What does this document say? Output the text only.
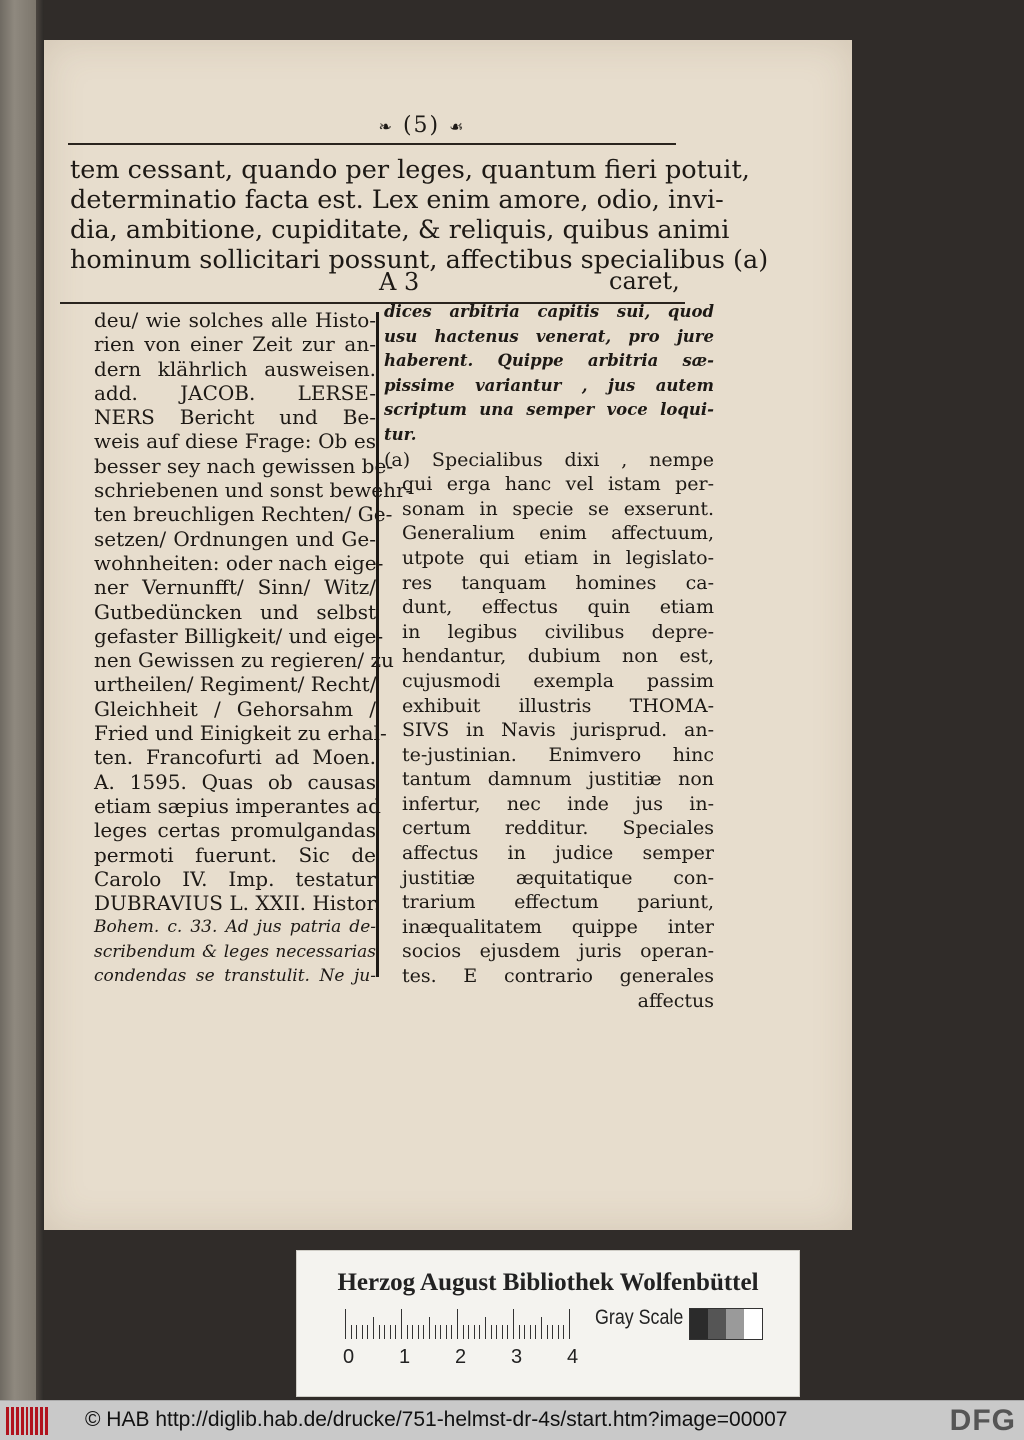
❧ (5) ☙
tem cessant, quando per leges, quantum fieri potuit,
determinatio facta est. Lex enim amore, odio, invi-
dia, ambitione, cupiditate, & reliquis, quibus animi
hominum sollicitari possunt, affectibus specialibus (a)
A 3	caret,
deu/ wie solches alle Histo-
rien von einer Zeit zur an-
dern klährlich ausweisen.
add. JACOB. LERSE-
NERS Bericht und Be-
weis auf diese Frage: Ob es
besser sey nach gewissen be-
schriebenen und sonst bewehr-
ten breuchligen Rechten/ Ge-
setzen/ Ordnungen und Ge-
wohnheiten: oder nach eige-
ner Vernunfft/ Sinn/ Witz/
Gutbedüncken und selbst
gefaster Billigkeit/ und eige-
nen Gewissen zu regieren/ zu
urtheilen/ Regiment/ Recht/
Gleichheit / Gehorsahm /
Fried und Einigkeit zu erhal-
ten. Francofurti ad Moen.
A. 1595. Quas ob causas
etiam sæpius imperantes ad
leges certas promulgandas
permoti fuerunt. Sic de
Carolo IV. Imp. testatur
DUBRAVIUS L. XXII. Histor.
Bohem. c. 33. Ad jus patria de-
scribendum & leges necessarias
condendas se transtulit. Ne ju-
dices arbitria capitis sui, quod
usu hactenus venerat, pro jure
haberent. Quippe arbitria sæ-
pissime variantur , jus autem
scriptum una semper voce loqui-
tur.
(a) Specialibus dixi , nempe
qui erga hanc vel istam per-
sonam in specie se exserunt.
Generalium enim affectuum,
utpote qui etiam in legislato-
res tanquam homines ca-
dunt, effectus quin etiam
in legibus civilibus depre-
hendantur, dubium non est,
cujusmodi exempla passim
exhibuit illustris THOMA-
SIVS in Navis jurisprud. an-
te-justinian. Enimvero hinc
tantum damnum justitiæ non
infertur, nec inde jus in-
certum redditur. Speciales
affectus in judice semper
justitiæ æquitatique con-
trarium effectum pariunt,
inæqualitatem quippe inter
socios ejusdem juris operan-
tes. E contrario generales
affectus
Herzog August Bibliothek Wolfenbüttel
0 1 2 3 4
Gray Scale
© HAB http://diglib.hab.de/drucke/751-helmst-dr-4s/start.htm?image=00007	DFG
